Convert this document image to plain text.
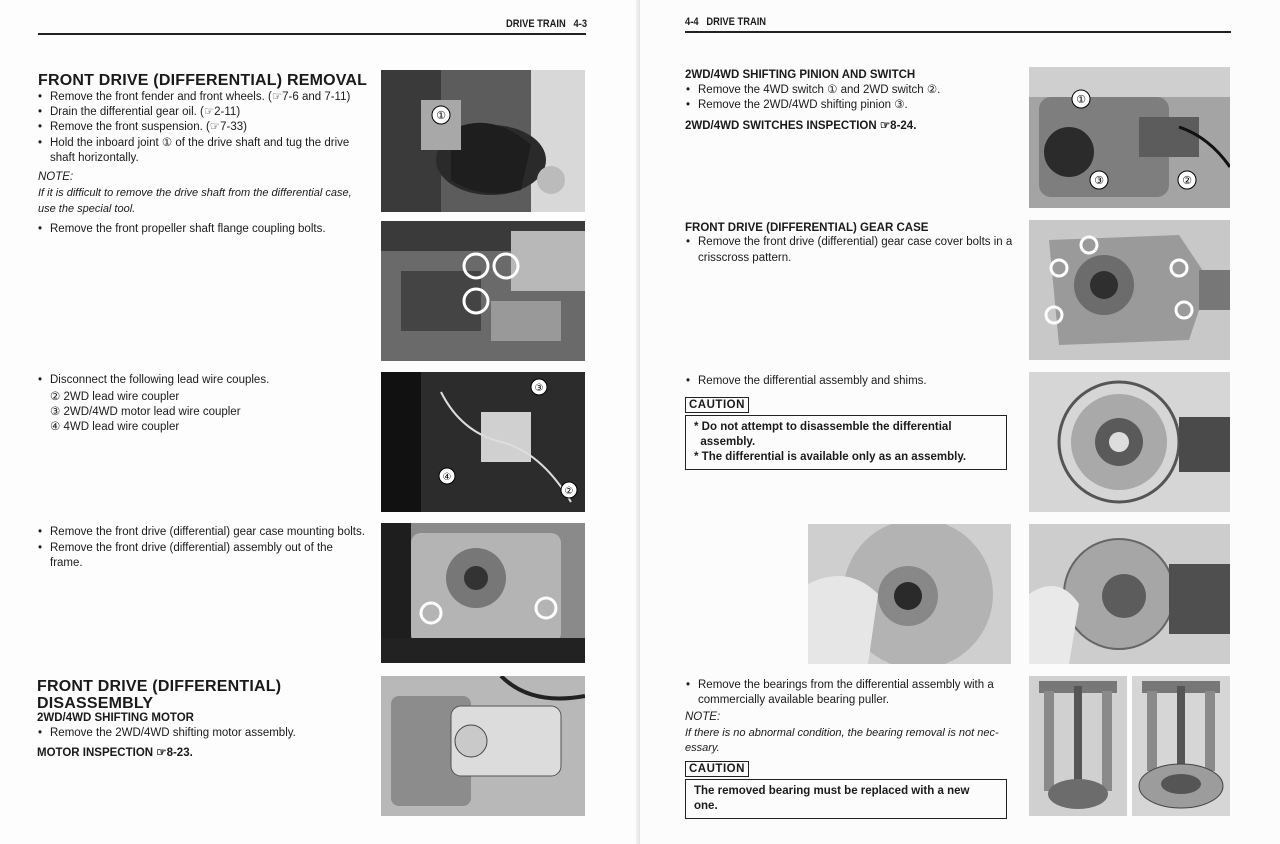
DRIVE TRAIN 4-3
FRONT DRIVE (DIFFERENTIAL) REMOVAL
• Remove the front fender and front wheels. (☞7-6 and 7-11)
• Drain the differential gear oil. (☞2-11)
• Remove the front suspension. (☞7-33)
• Hold the inboard joint ① of the drive shaft and tug the drive
shaft horizontally.
NOTE:
If it is difficult to remove the drive shaft from the differential case,
use the special tool.
• Remove the front propeller shaft flange coupling bolts.
• Disconnect the following lead wire couples.
② 2WD lead wire coupler
③ 2WD/4WD motor lead wire coupler
④ 4WD lead wire coupler
• Remove the front drive (differential) gear case mounting bolts.
• Remove the front drive (differential) assembly out of the
frame.
FRONT DRIVE (DIFFERENTIAL)
DISASSEMBLY
2WD/4WD SHIFTING MOTOR
• Remove the 2WD/4WD shifting motor assembly.
MOTOR INSPECTION ☞8-23.
①
③
④
②
4-4 DRIVE TRAIN
2WD/4WD SHIFTING PINION AND SWITCH
• Remove the 4WD switch ① and 2WD switch ②.
• Remove the 2WD/4WD shifting pinion ③.
2WD/4WD SWITCHES INSPECTION ☞8-24.
FRONT DRIVE (DIFFERENTIAL) GEAR CASE
• Remove the front drive (differential) gear case cover bolts in a
crisscross pattern.
• Remove the differential assembly and shims.
CAUTION
* Do not attempt to disassemble the differential
assembly.
* The differential is available only as an assembly.
• Remove the bearings from the differential assembly with a
commercially available bearing puller.
NOTE:
If there is no abnormal condition, the bearing removal is not nec-
essary.
CAUTION
The removed bearing must be replaced with a new
one.
①
②
③
